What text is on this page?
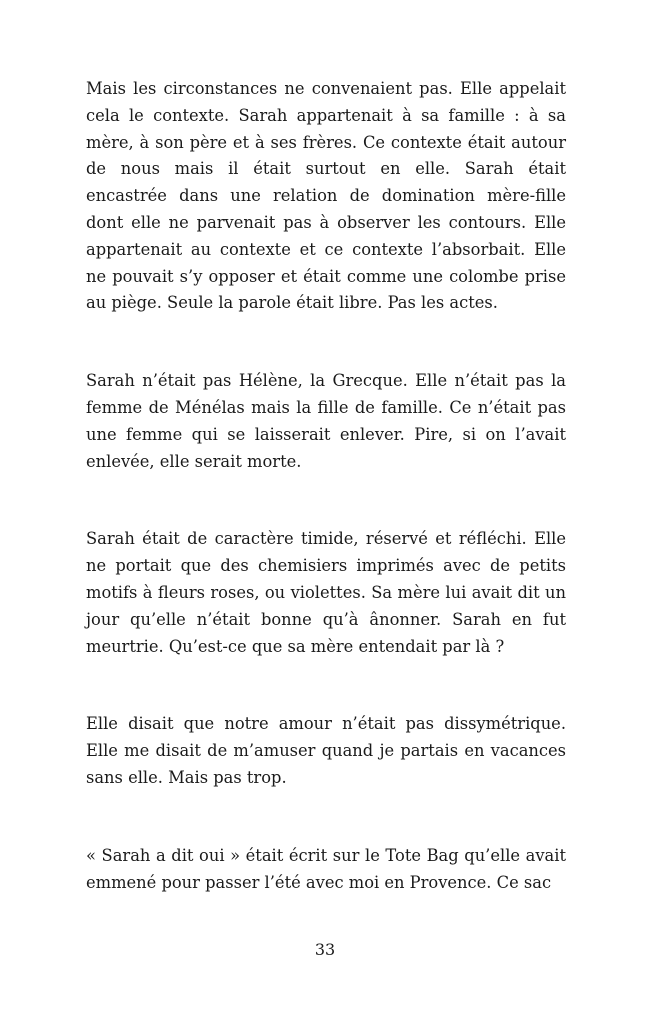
Mais les circonstances ne convenaient pas. Elle appelait cela le contexte. Sarah appartenait à sa famille : à sa mère, à son père et à ses frères. Ce contexte était autour de nous mais il était surtout en elle. Sarah était encastrée dans une relation de domination mère-fille dont elle ne parvenait pas à observer les contours. Elle appartenait au contexte et ce contexte l’absorbait. Elle ne pouvait s’y opposer et était comme une colombe prise au piège. Seule la parole était libre. Pas les actes.

Sarah n’était pas Hélène, la Grecque. Elle n’était pas la femme de Ménélas mais la fille de famille. Ce n’était pas une femme qui se laisserait enlever. Pire, si on l’avait enlevée, elle serait morte.

Sarah était de caractère timide, réservé et réfléchi. Elle ne portait que des chemisiers imprimés avec de petits motifs à fleurs roses, ou violettes. Sa mère lui avait dit un jour qu’elle n’était bonne qu’à ânonner. Sarah en fut meurtrie. Qu’est-ce que sa mère entendait par là ?

Elle disait que notre amour n’était pas dissymétrique. Elle me disait de m’amuser quand je partais en vacances sans elle. Mais pas trop.

« Sarah a dit oui » était écrit sur le Tote Bag qu’elle avait emmené pour passer l’été avec moi en Provence. Ce sac

33
